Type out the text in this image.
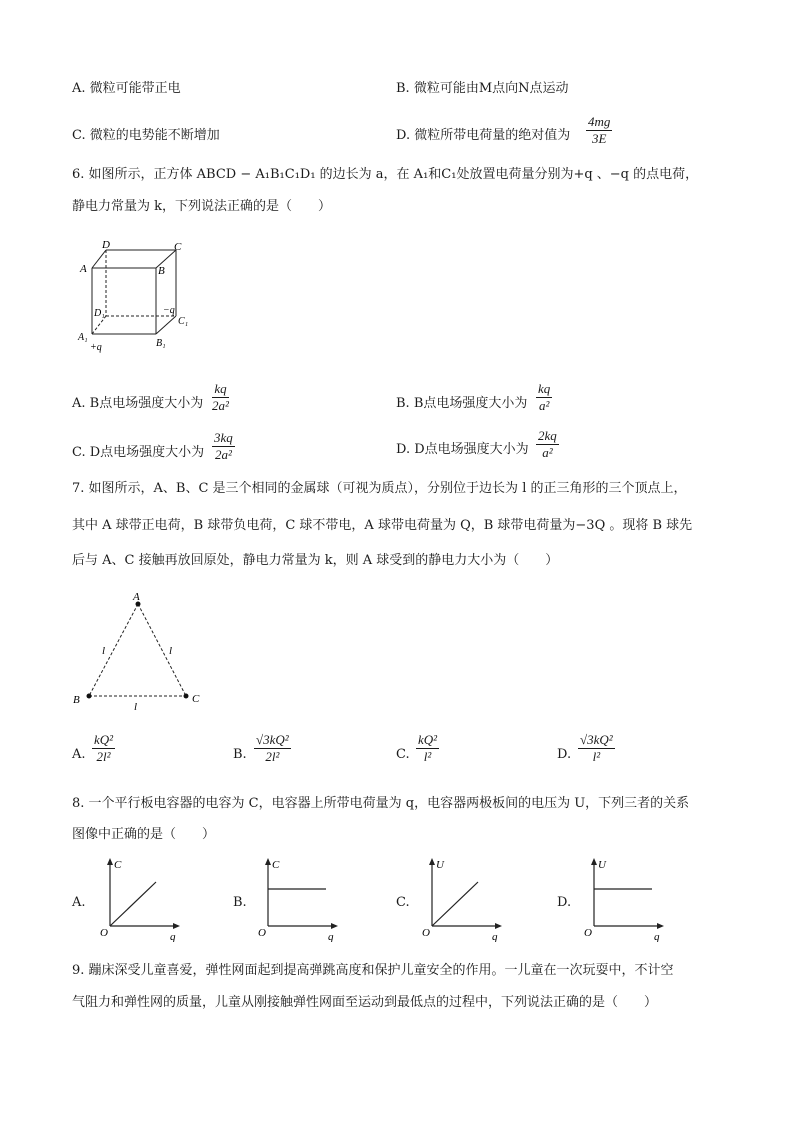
A. 微粒可能带正电	B. 微粒可能由M点向N点运动
C. 微粒的电势能不断增加	D. 微粒所带电荷量的绝对值为
4mg
3E
6. 如图所示，正方体 ABCD − A₁B₁C₁D₁ 的边长为 a，在 A₁和C₁处放置电荷量分别为+q 、−q 的点电荷，
静电力常量为 k，下列说法正确的是（　　）
D	C
A	B
D₁	−q
C₁
A₁
+q	B₁
A. B点电场强度大小为
kq
2a²	B. B点电场强度大小为
kq
a²
C. D点电场强度大小为
3kq
2a²	D. D点电场强度大小为
2kq
a²
7. 如图所示，A、B、C 是三个相同的金属球（可视为质点），分别位于边长为 l 的正三角形的三个顶点上，
其中 A 球带正电荷，B 球带负电荷，C 球不带电，A 球带电荷量为 Q，B 球带电荷量为−3Q 。现将 B 球先
后与 A、C 接触再放回原处，静电力常量为 k，则 A 球受到的静电力大小为（　　）
A
B	C
l	l
l
A.
kQ²
2l²	B.
√3kQ²
2l²	C.
kQ²
l²	D.
√3kQ²
l²
8. 一个平行板电容器的电容为 C，电容器上所带电荷量为 q，电容器两极板间的电压为 U，下列三者的关系
图像中正确的是（　　）
A.
C
O	q
B.
C
O	q
C.
U
O	q
D.
U
O	q
9. 蹦床深受儿童喜爱，弹性网面起到提高弹跳高度和保护儿童安全的作用。一儿童在一次玩耍中，不计空
气阻力和弹性网的质量，儿童从刚接触弹性网面至运动到最低点的过程中，下列说法正确的是（　　）
